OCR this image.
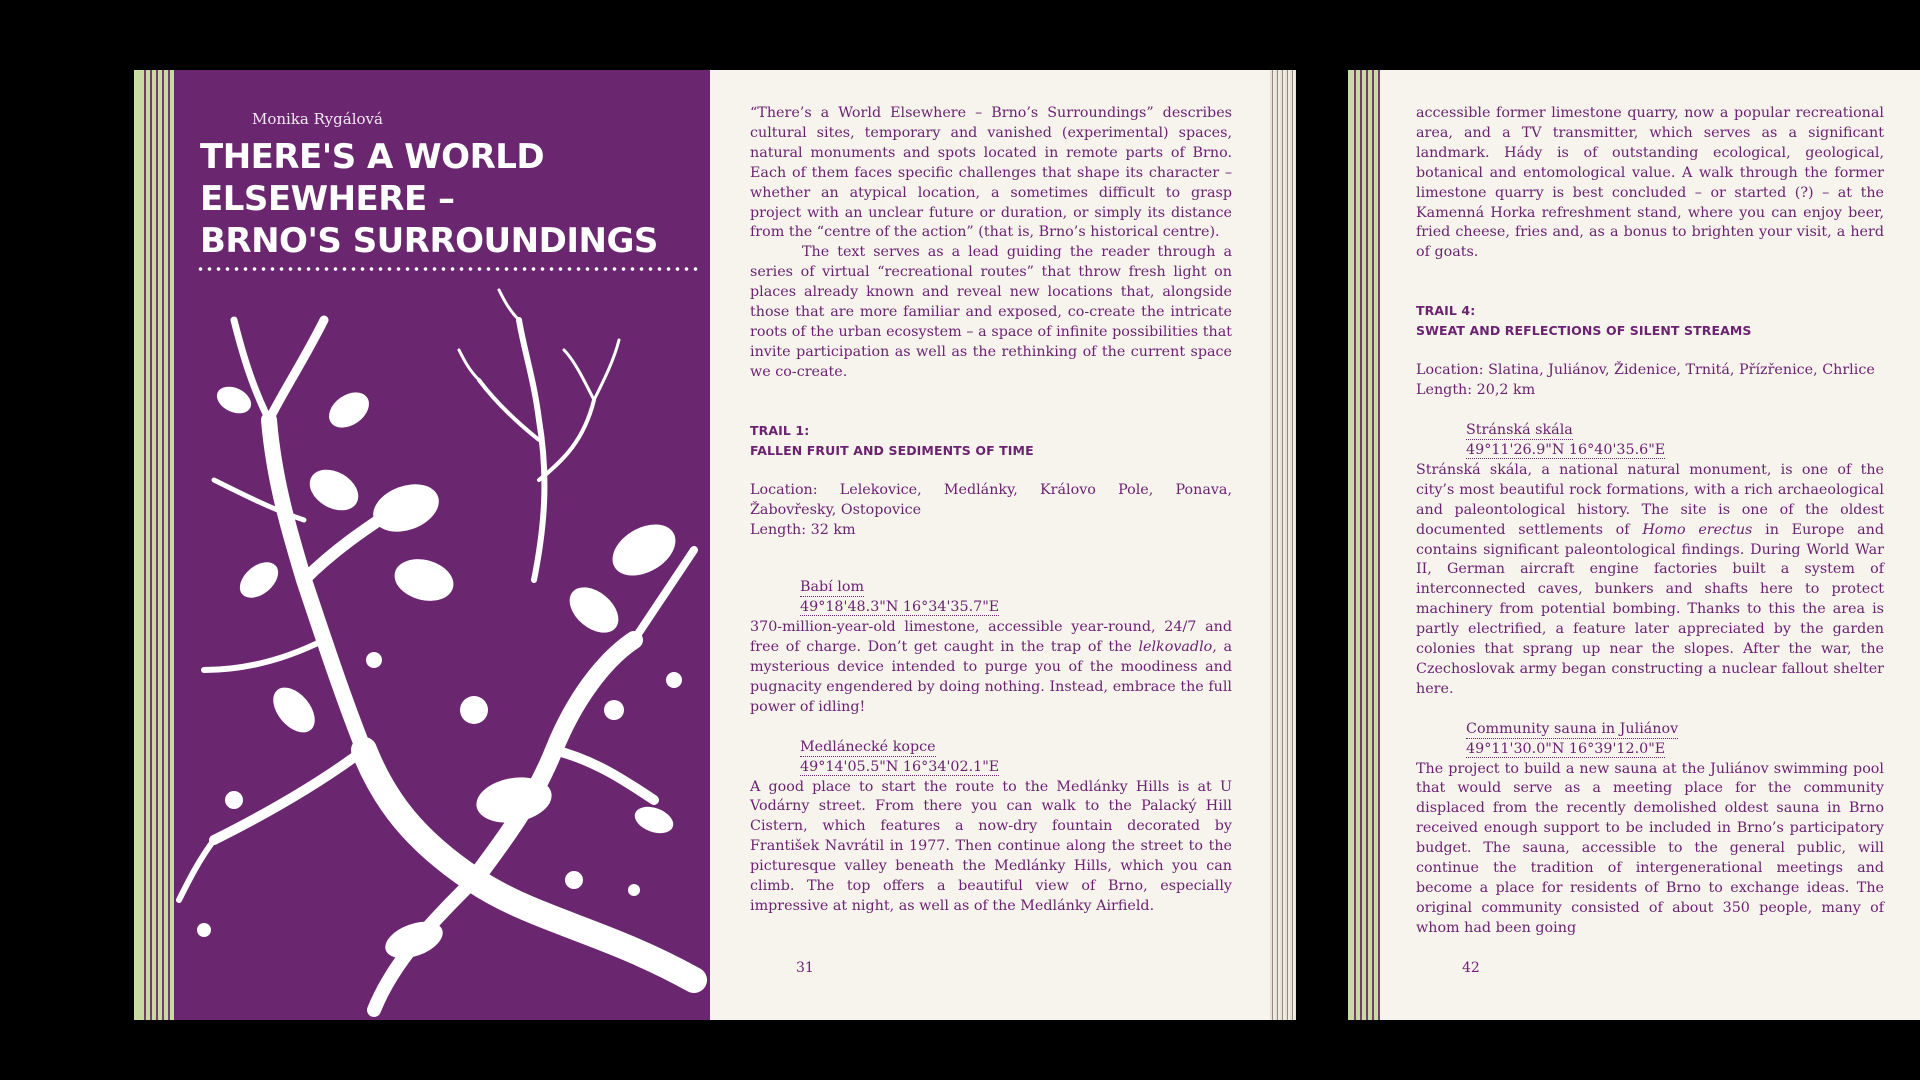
Monika Rygálová
THERE'S A WORLD
ELSEWHERE –
BRNO'S SURROUNDINGS

“There’s a World Elsewhere – Brno’s Surroundings” describes cultural sites, temporary and vanished (experimental) spaces, natural monuments and spots located in remote parts of Brno. Each of them faces specific challenges that shape its character – whether an atypical location, a sometimes difficult to grasp project with an unclear future or duration, or simply its distance from the “centre of the action” (that is, Brno’s historical centre).

The text serves as a lead guiding the reader through a series of virtual “recreational routes” that throw fresh light on places already known and reveal new locations that, alongside those that are more familiar and exposed, co-create the intricate roots of the urban ecosystem – a space of infinite possibilities that invite participation as well as the rethinking of the current space we co-create.

TRAIL 1:
FALLEN FRUIT AND SEDIMENTS OF TIME

Location: Lelekovice, Medlánky, Královo Pole, Ponava, Žabovřesky, Ostopovice

Length: 32 km

Babí lom
49°18'48.3"N 16°34'35.7"E

370-million-year-old limestone, accessible year-round, 24/7 and free of charge. Don’t get caught in the trap of the lelkovadlo, a mysterious device intended to purge you of the moodiness and pugnacity engendered by doing nothing. Instead, embrace the full power of idling!

Medlánecké kopce
49°14'05.5"N 16°34'02.1"E

A good place to start the route to the Medlánky Hills is at U Vodárny street. From there you can walk to the Palacký Hill Cistern, which features a now-dry fountain decorated by František Navrátil in 1977. Then continue along the street to the picturesque valley beneath the Medlánky Hills, which you can climb. The top offers a beautiful view of Brno, especially impressive at night, as well as of the Medlánky Airfield.

31

accessible former limestone quarry, now a popular recreational area, and a TV transmitter, which serves as a significant landmark. Hády is of outstanding ecological, geological, botanical and entomological value. A walk through the former limestone quarry is best concluded – or started (?) – at the Kamenná Horka refreshment stand, where you can enjoy beer, fried cheese, fries and, as a bonus to brighten your visit, a herd of goats.

TRAIL 4:
SWEAT AND REFLECTIONS OF SILENT STREAMS

Location: Slatina, Juliánov, Židenice, Trnitá, Přízřenice, Chrlice

Length: 20,2 km

Stránská skála
49°11'26.9"N 16°40'35.6"E

Stránská skála, a national natural monument, is one of the city’s most beautiful rock formations, with a rich archaeological and paleontological history. The site is one of the oldest documented settlements of Homo erectus in Europe and contains significant paleontological findings. During World War II, German aircraft engine factories built a system of interconnected caves, bunkers and shafts here to protect machinery from potential bombing. Thanks to this the area is partly electrified, a feature later appreciated by the garden colonies that sprang up near the slopes. After the war, the Czechoslovak army began constructing a nuclear fallout shelter here.

Community sauna in Juliánov
49°11'30.0"N 16°39'12.0"E

The project to build a new sauna at the Juliánov swimming pool that would serve as a meeting place for the community displaced from the recently demolished oldest sauna in Brno received enough support to be included in Brno’s participatory budget. The sauna, accessible to the general public, will continue the tradition of intergenerational meetings and become a place for residents of Brno to exchange ideas. The original community consisted of about 350 people, many of whom had been going

42
